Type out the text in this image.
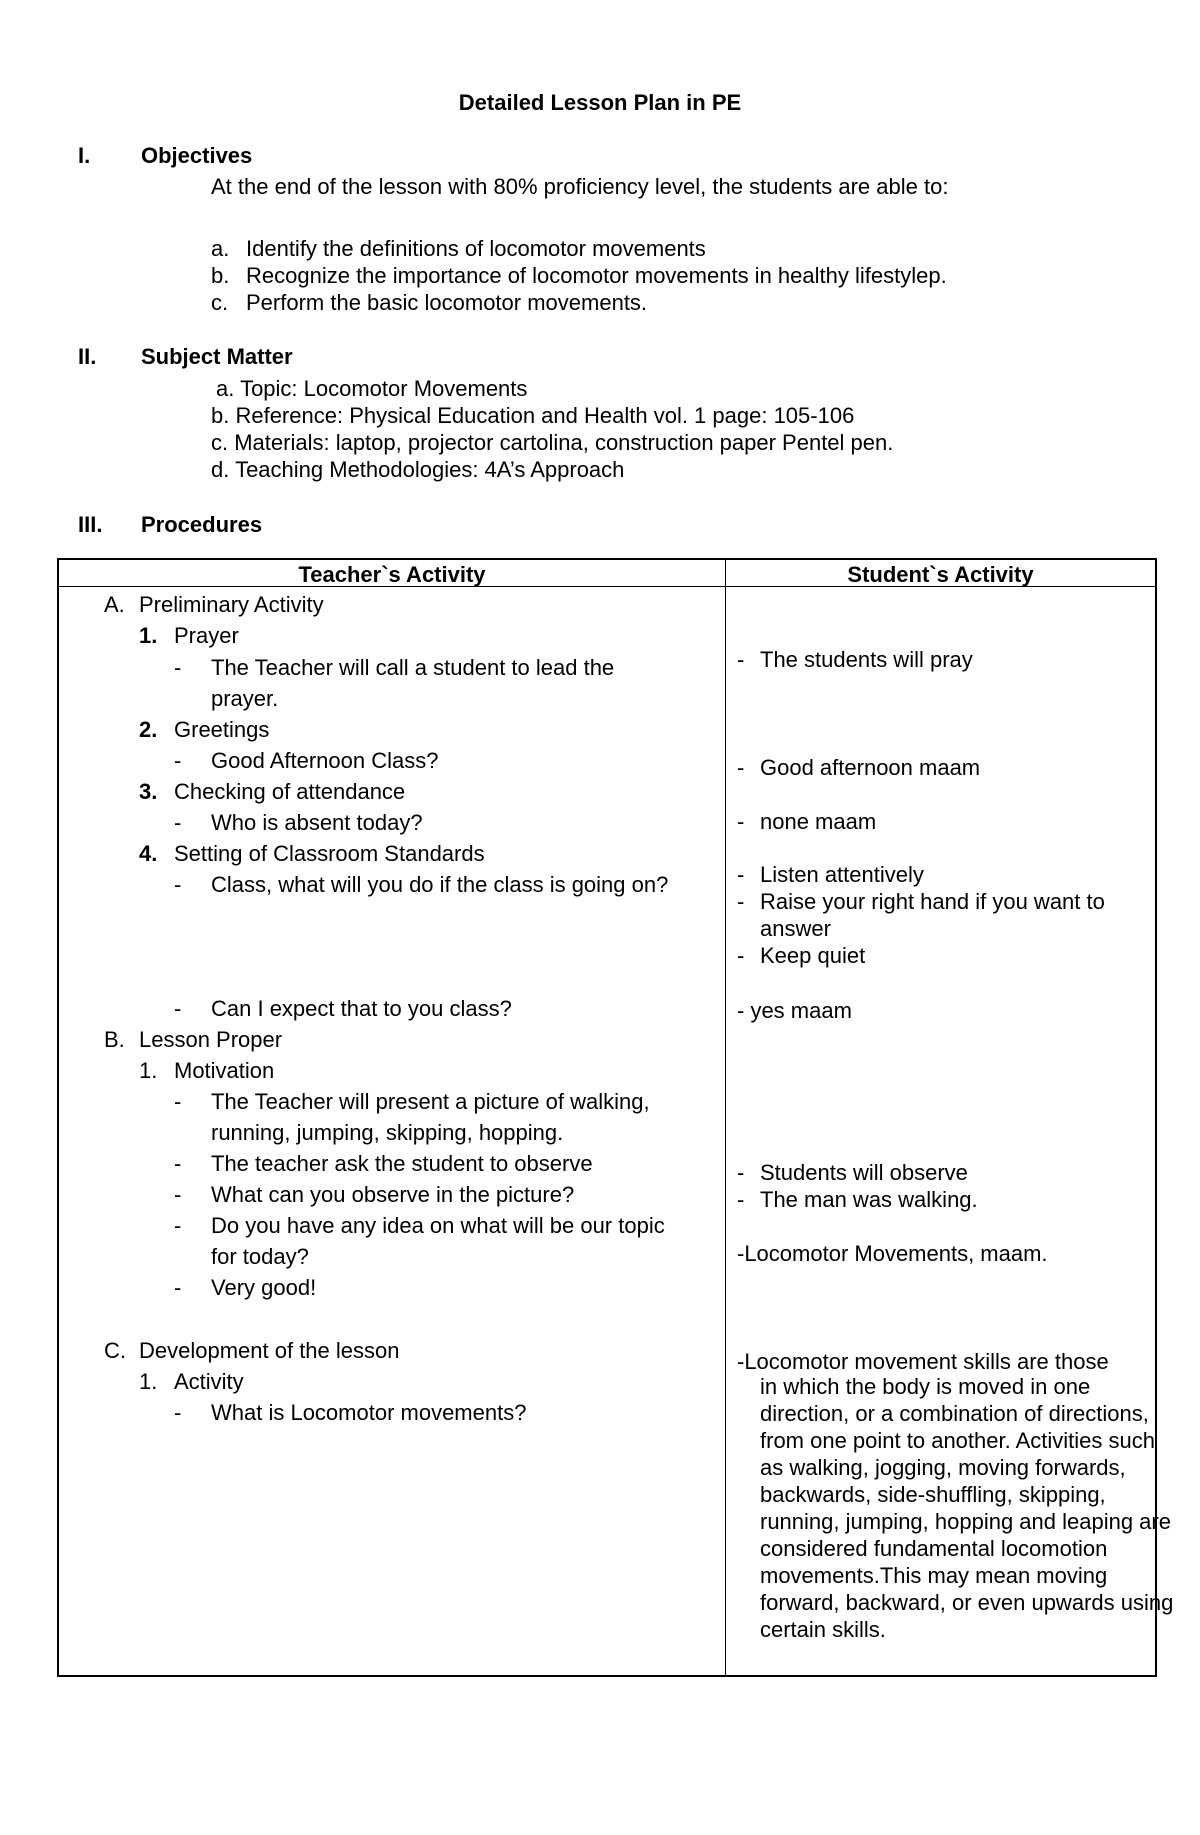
Detailed Lesson Plan in PE
I. Objectives
At the end of the lesson with 80% proficiency level, the students are able to:
a. Identify the definitions of locomotor movements
b. Recognize the importance of locomotor movements in healthy lifestylep.
c. Perform the basic locomotor movements.
II. Subject Matter
a. Topic: Locomotor Movements
b. Reference: Physical Education and Health vol. 1 page: 105-106
c. Materials: laptop, projector cartolina, construction paper Pentel pen.
d. Teaching Methodologies: 4A’s Approach
III. Procedures
Teacher`s Activity	Student`s Activity
A. Preliminary Activity
1. Prayer
- The Teacher will call a student to lead the
prayer.
2. Greetings
- Good Afternoon Class?
3. Checking of attendance
- Who is absent today?
4. Setting of Classroom Standards
- Class, what will you do if the class is going on?
- Can I expect that to you class?
B. Lesson Proper
1. Motivation
- The Teacher will present a picture of walking,
running, jumping, skipping, hopping.
- The teacher ask the student to observe
- What can you observe in the picture?
- Do you have any idea on what will be our topic
for today?
- Very good!
C. Development of the lesson
1. Activity
- What is Locomotor movements?
- The students will pray
- Good afternoon maam
- none maam
- Listen attentively
- Raise your right hand if you want to
answer
- Keep quiet
- yes maam
- Students will observe
- The man was walking.
-Locomotor Movements, maam.
-Locomotor movement skills are those
in which the body is moved in one direction, or a combination of directions, from one point to another. Activities such as walking, jogging, moving forwards, backwards, side-shuffling, skipping, running, jumping, hopping and leaping are considered fundamental locomotion movements.This may mean moving forward, backward, or even upwards using certain skills.
